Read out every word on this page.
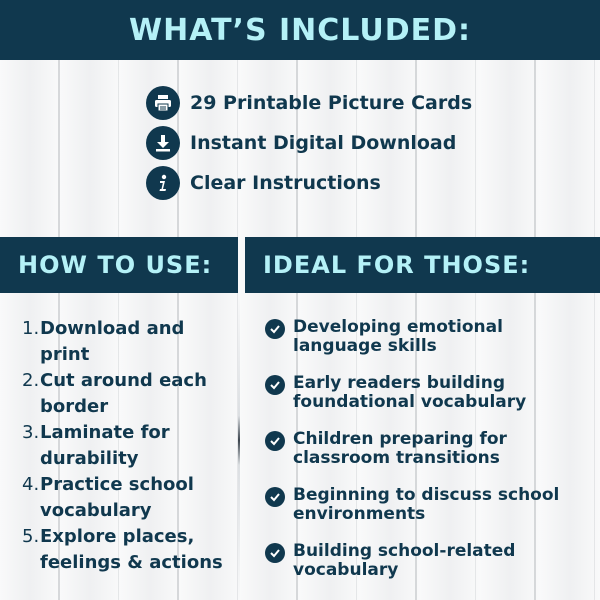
WHAT’S INCLUDED:
29 Printable Picture Cards
Instant Digital Download
Clear Instructions
HOW TO USE: IDEAL FOR THOSE:
1. Download and print
2. Cut around each border
3. Laminate for durability
4. Practice school vocabulary
5. Explore places, feelings & actions
Developing emotional language skills
Early readers building foundational vocabulary
Children preparing for classroom transitions
Beginning to discuss school environments
Building school-related vocabulary
